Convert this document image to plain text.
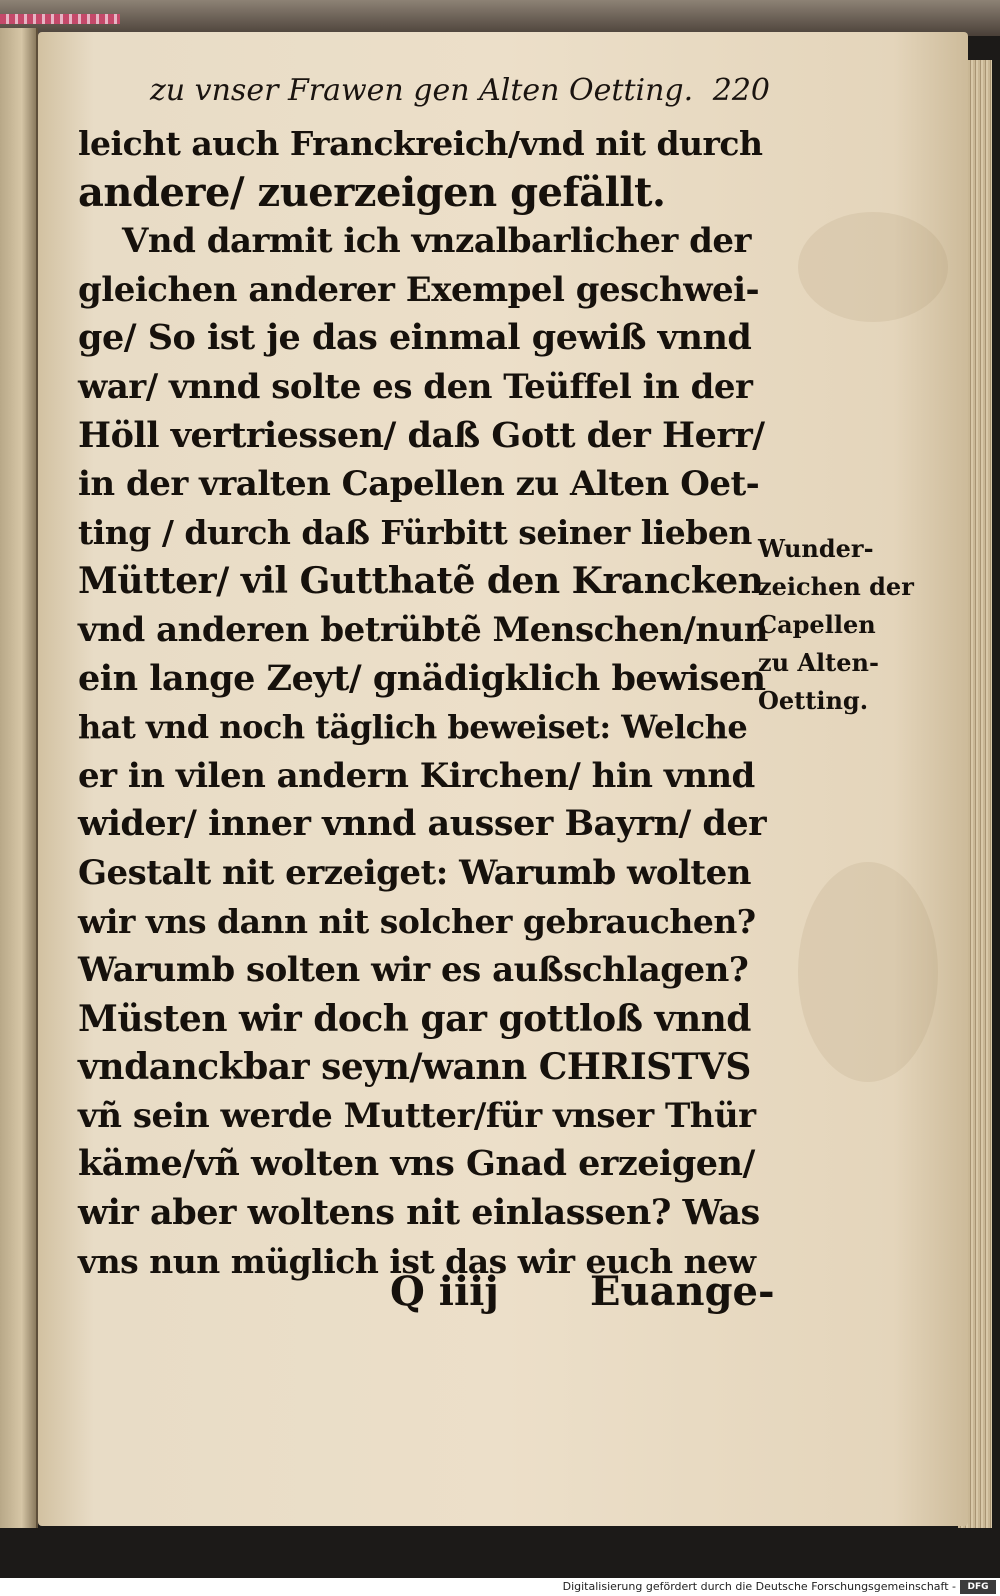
zu vnser Frawen gen Alten Oetting. 220
leicht auch Franckreich/vnd nit durch
andere/ zuerzeigen gefällt.
Vnd darmit ich vnzalbarlicher der
gleichen anderer Exempel geschwei-
ge/ So ist je das einmal gewiß vnnd
war/ vnnd solte es den Teüffel in der
Höll vertriessen/ daß Gott der Herr/
in der vralten Capellen zu Alten Oet-
ting / durch daß Fürbitt seiner lieben
Mütter/ vil Gutthatẽ den Krancken
vnd anderen betrübtẽ Menschen/nun
ein lange Zeyt/ gnädigklich bewisen
hat vnd noch täglich beweiset: Welche
er in vilen andern Kirchen/ hin vnnd
wider/ inner vnnd ausser Bayrn/ der
Gestalt nit erzeiget: Warumb wolten
wir vns dann nit solcher gebrauchen?
Warumb solten wir es außschlagen?
Müsten wir doch gar gottloß vnnd
vndanckbar seyn/wann CHRISTVS
vñ sein werde Mutter/für vnser Thür
käme/vñ wolten vns Gnad erzeigen/
wir aber woltens nit einlassen? Was
vns nun müglich ist das wir euch new
Wunder-
zeichen der
Capellen
zu Alten-
Oetting.
Q iiij Euange-
Digitalisierung gefördert durch die Deutsche Forschungsgemeinschaft -	DFG
